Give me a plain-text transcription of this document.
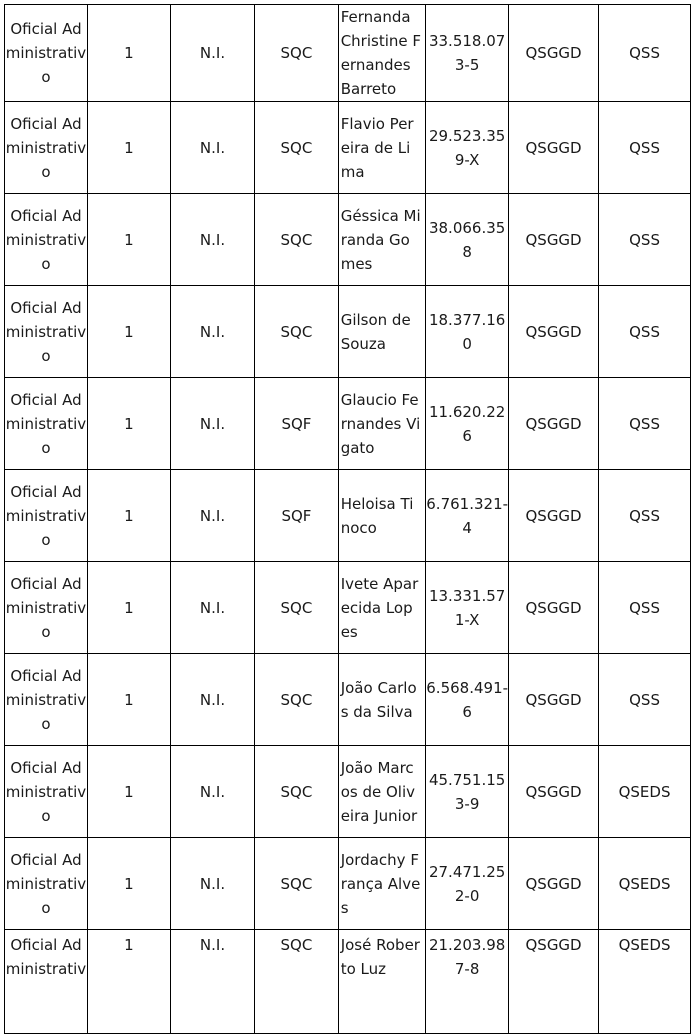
Oficial Ad
ministrativ
o	1	N.I.	SQC	Fernanda
Christine F
ernandes
Barreto	33.518.07
3-5	QSGGD	QSS

Oficial Ad
ministrativ
o	1	N.I.	SQC	Flavio Per
eira de Li
ma	29.523.35
9-X	QSGGD	QSS

Oficial Ad
ministrativ
o	1	N.I.	SQC	Géssica Mi
randa Go
mes	38.066.35
8	QSGGD	QSS

Oficial Ad
ministrativ
o	1	N.I.	SQC	Gilson de
Souza	18.377.16
0	QSGGD	QSS

Oficial Ad
ministrativ
o	1	N.I.	SQF	Glaucio Fe
rnandes Vi
gato	11.620.22
6	QSGGD	QSS

Oficial Ad
ministrativ
o	1	N.I.	SQF	Heloisa Ti
noco	6.761.321-
4	QSGGD	QSS

Oficial Ad
ministrativ
o	1	N.I.	SQC	Ivete Apar
ecida Lop
es	13.331.57
1-X	QSGGD	QSS

Oficial Ad
ministrativ
o	1	N.I.	SQC	João Carlo
s da Silva	6.568.491-
6	QSGGD	QSS

Oficial Ad
ministrativ
o	1	N.I.	SQC	João Marc
os de Oliv
eira Junior	45.751.15
3-9	QSGGD	QSEDS

Oficial Ad
ministrativ
o	1	N.I.	SQC	Jordachy F
rança Alve
s	27.471.25
2-0	QSGGD	QSEDS

Oficial Ad
ministrativ	1	N.I.	SQC	José Rober
to Luz	21.203.98
7-8	QSGGD	QSEDS
